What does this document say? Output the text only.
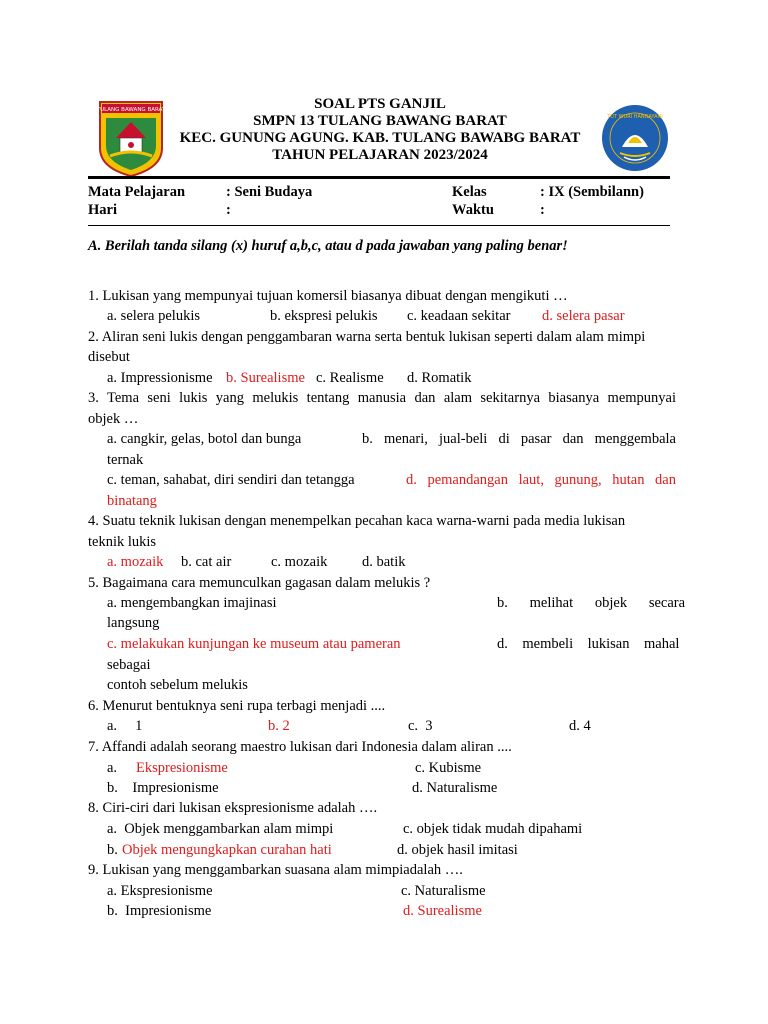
TULANG BAWANG BARAT
TUT WURI HANDAYANI
SOAL PTS GANJIL
SMPN 13 TULANG BAWANG BARAT
KEC. GUNUNG AGUNG. KAB. TULANG BAWABG BARAT
TAHUN PELAJARAN 2023/2024
Mata Pelajaran	: Seni Budaya	Kelas	: IX (Sembilann)
Hari	:	Waktu	:
A. Berilah tanda silang (x) huruf a,b,c, atau d pada jawaban yang paling benar!
1. Lukisan yang mempunyai tujuan komersil biasanya dibuat dengan mengikuti …
a. selera pelukis	b. ekspresi pelukis c. keadaan sekitar d. selera pasar
2. Aliran seni lukis dengan penggambaran warna serta bentuk lukisan seperti dalam alam mimpi
disebut
a. Impressionisme b. Surealisme c. Realisme d. Romatik
3. Tema seni lukis yang melukis tentang manusia dan alam sekitarnya biasanya mempunyai
objek …
a. cangkir, gelas, botol dan bunga	b. menari, jual-beli di pasar dan menggembala
ternak
c. teman, sahabat, diri sendiri dan tetangga	d. pemandangan laut, gunung, hutan dan
binatang
4. Suatu teknik lukisan dengan menempelkan pecahan kaca warna-warni pada media lukisan
teknik lukis
a. mozaik b. cat air	c. mozaik d. batik
5. Bagaimana cara memunculkan gagasan dalam melukis ?
a. mengembangkan imajinasi	b.      melihat      objek      secara
langsung
c. melakukan kunjungan ke museum atau pameran	d.    membeli    lukisan    mahal
sebagai
contoh sebelum melukis
6. Menurut bentuknya seni rupa terbagi menjadi ....
a.     1	b. 2	c.  3	d. 4
7. Affandi adalah seorang maestro lukisan dari Indonesia dalam aliran ....
a. Ekspresionisme	c. Kubisme
b.    Impresionisme	d. Naturalisme
8. Ciri-ciri dari lukisan ekspresionisme adalah ….
a.  Objek menggambarkan alam mimpi	c. objek tidak mudah dipahami
b. Objek mengungkapkan curahan hati	d. objek hasil imitasi
9. Lukisan yang menggambarkan suasana alam mimpiadalah ….
a. Ekspresionisme	c. Naturalisme
b.  Impresionisme	d. Surealisme
